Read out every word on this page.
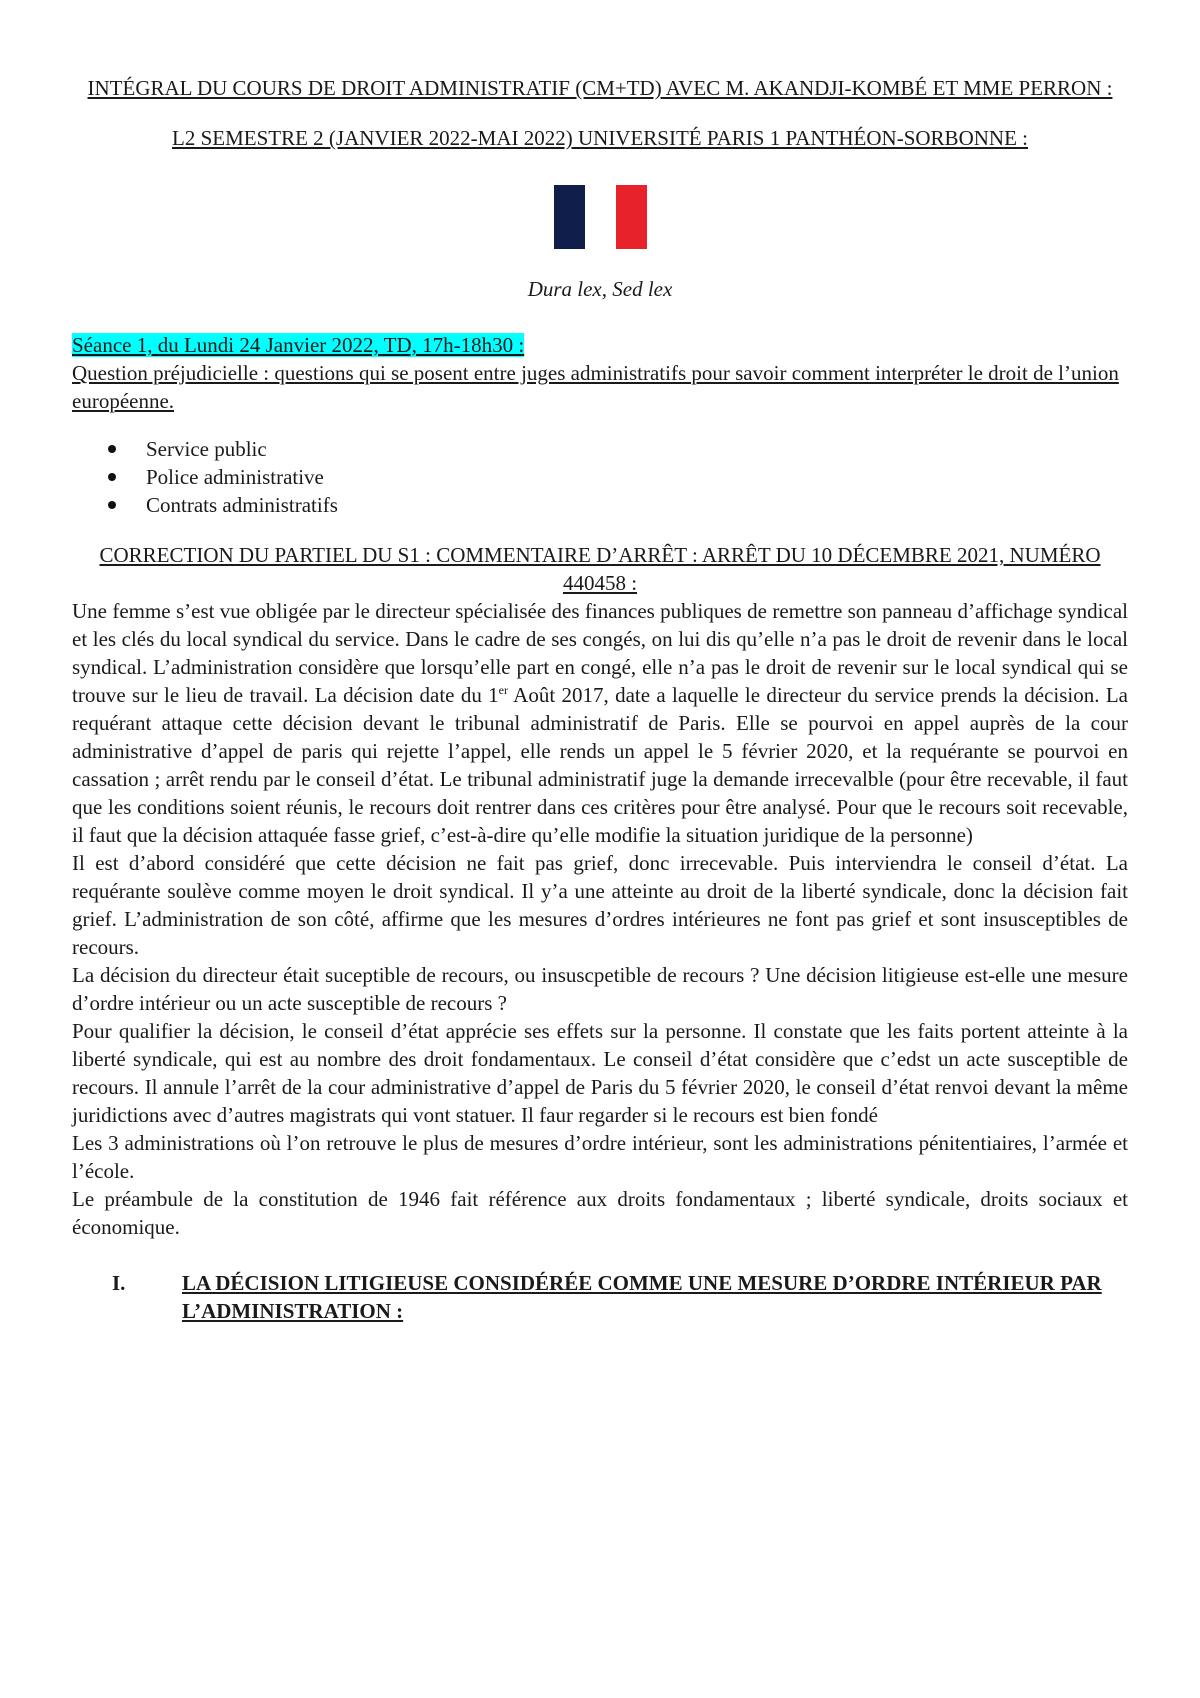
INTÉGRAL DU COURS DE DROIT ADMINISTRATIF (CM+TD) AVEC M. AKANDJI-KOMBÉ ET MME PERRON :

L2 SEMESTRE 2 (JANVIER 2022-MAI 2022) UNIVERSITÉ PARIS 1 PANTHÉON-SORBONNE :

Dura lex, Sed lex
Séance 1, du Lundi 24 Janvier 2022, TD, 17h-18h30 :

Question préjudicielle : questions qui se posent entre juges administratifs pour savoir comment interpréter le droit de l’union européenne.

Service public
Police administrative
Contrats administratifs

CORRECTION DU PARTIEL DU S1 : COMMENTAIRE D’ARRÊT : ARRÊT DU 10 DÉCEMBRE 2021, NUMÉRO 440458 :

Une femme s’est vue obligée par le directeur spécialisée des finances publiques de remettre son panneau d’affichage syndical et les clés du local syndical du service. Dans le cadre de ses congés, on lui dis qu’elle n’a pas le droit de revenir dans le local syndical. L’administration considère que lorsqu’elle part en congé, elle n’a pas le droit de revenir sur le local syndical qui se trouve sur le lieu de travail. La décision date du 1er Août 2017, date a laquelle le directeur du service prends la décision. La requérant attaque cette décision devant le tribunal administratif de Paris. Elle se pourvoi en appel auprès de la cour administrative d’appel de paris qui rejette l’appel, elle rends un appel le 5 février 2020, et la requérante se pourvoi en cassation ; arrêt rendu par le conseil d’état. Le tribunal administratif juge la demande irrecevalble (pour être recevable, il faut que les conditions soient réunis, le recours doit rentrer dans ces critères pour être analysé. Pour que le recours soit recevable, il faut que la décision attaquée fasse grief, c’est-à-dire qu’elle modifie la situation juridique de la personne)

Il est d’abord considéré que cette décision ne fait pas grief, donc irrecevable. Puis interviendra le conseil d’état. La requérante soulève comme moyen le droit syndical. Il y’a une atteinte au droit de la liberté syndicale, donc la décision fait grief. L’administration de son côté, affirme que les mesures d’ordres intérieures ne font pas grief et sont insusceptibles de recours.

La décision du directeur était suceptible de recours, ou insuscpetible de recours ? Une décision litigieuse est-elle une mesure d’ordre intérieur ou un acte susceptible de recours ?

Pour qualifier la décision, le conseil d’état apprécie ses effets sur la personne. Il constate que les faits portent atteinte à la liberté syndicale, qui est au nombre des droit fondamentaux. Le conseil d’état considère que c’edst un acte susceptible de recours. Il annule l’arrêt de la cour administrative d’appel de Paris du 5 février 2020, le conseil d’état renvoi devant la même juridictions avec d’autres magistrats qui vont statuer. Il faur regarder si le recours est bien fondé

Les 3 administrations où l’on retrouve le plus de mesures d’ordre intérieur, sont les administrations pénitentiaires, l’armée et l’école.

Le préambule de la constitution de 1946 fait référence aux droits fondamentaux ; liberté syndicale, droits sociaux et économique.

I.	LA DÉCISION LITIGIEUSE CONSIDÉRÉE COMME UNE MESURE D’ORDRE INTÉRIEUR PAR L’ADMINISTRATION :
